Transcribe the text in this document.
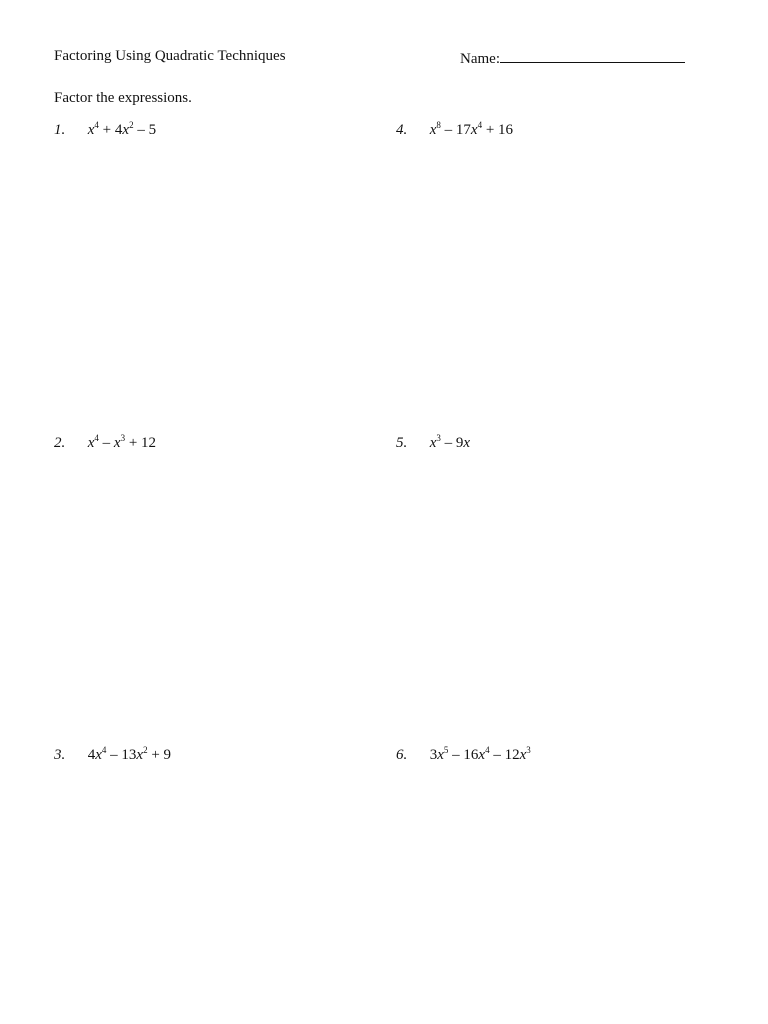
Factoring Using Quadratic Techniques	Name:
Factor the expressions.
1. $x^4 + 4x^2 - 5$	4. $x^8 - 17x^4 + 16$
2. $x^4 - x^3 + 12$	5. $x^3 - 9x$
3. $4x^4 - 13x^2 + 9$	6. $3x^5 - 16x^4 - 12x^3$
